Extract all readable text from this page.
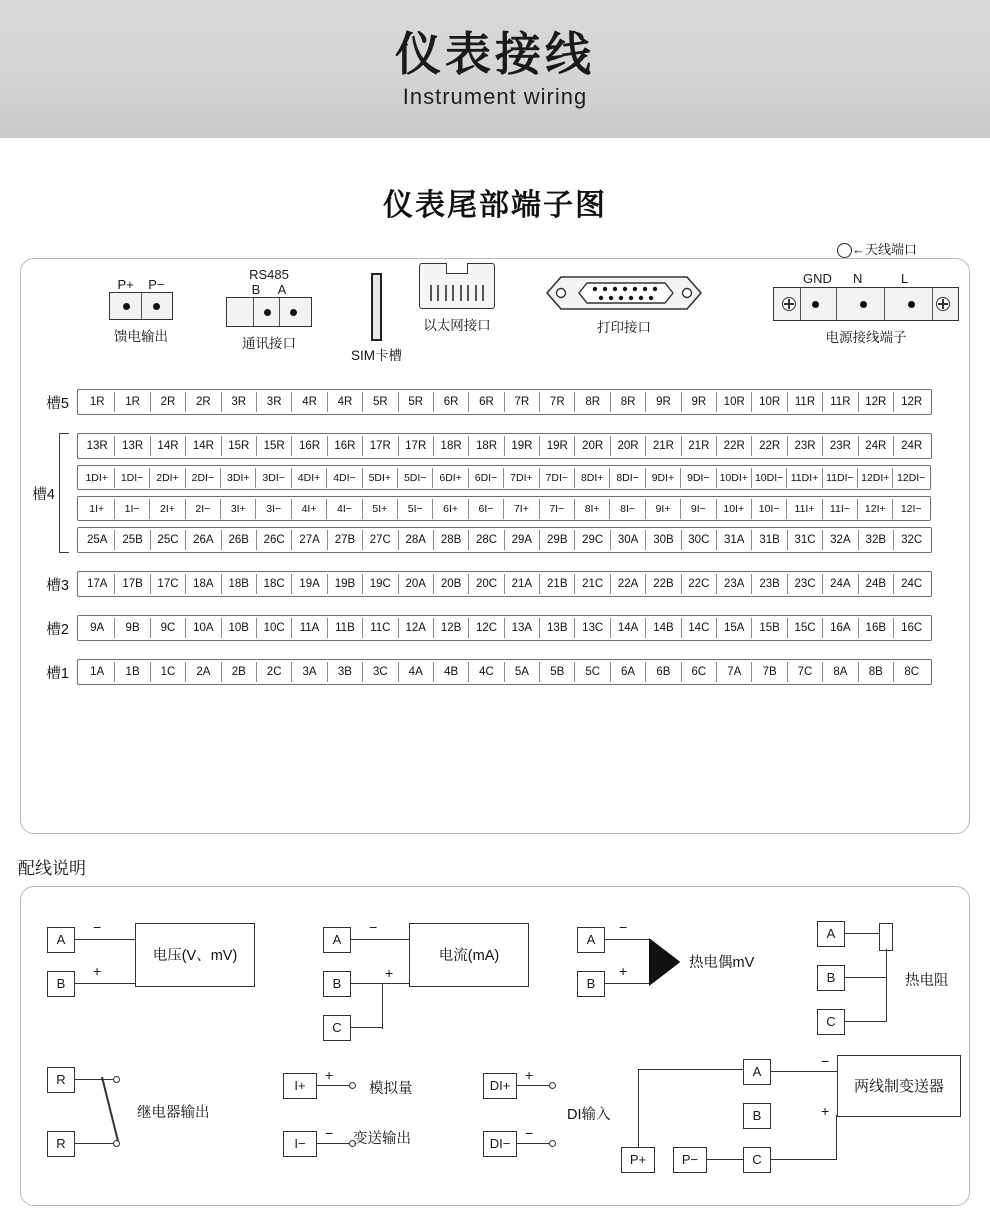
仪表接线
Instrument wiring
仪表尾部端子图
P+ P−
馈电输出
RS485
B A
通讯接口
SIM卡槽
←天线端口
以太网接口	打印接口
GND N	L
电源接线端子
槽5	1R	1R	2R	2R	3R	3R	4R	4R	5R	5R	6R	6R	7R	7R	8R	8R	9R	9R	10R	10R	11R	11R	12R	12R
槽4
13R	13R	14R	14R	15R	15R	16R	16R	17R	17R	18R	18R	19R	19R	20R	20R	21R	21R	22R	22R	23R	23R	24R	24R
1DI+	1DI−	2DI+	2DI−	3DI+	3DI−	4DI+	4DI−	5DI+	5DI−	6DI+	6DI−	7DI+	7DI−	8DI+	8DI−	9DI+	9DI− 10DI+ 10DI− 11DI+ 11DI− 12DI+ 12DI−
1I+	1I−	2I+	2I−	3I+	3I−	4I+	4I−	5I+	5I−	6I+	6I−	7I+	7I−	8I+	8I−	9I+	9I−	10I+	10I−	11I+	11I−	12I+	12I−
25A	25B	25C	26A	26B	26C	27A	27B	27C	28A	28B	28C	29A	29B	29C	30A	30B	30C	31A	31B	31C	32A	32B	32C
槽3	17A	17B	17C	18A	18B	18C	19A	19B	19C	20A	20B	20C	21A	21B	21C	22A	22B	22C	23A	23B	23C	24A	24B	24C
槽2	9A	9B	9C	10A	10B	10C	11A	11B	11C	12A	12B	12C	13A	13B	13C	14A	14B	14C	15A	15B	15C	16A	16B	16C
槽1	1A	1B	1C	2A	2B	2C	3A	3B	3C	4A	4B	4C	5A	5B	5C	6A	6B	6C	7A	7B	7C	8A	8B	8C
配线说明
A
B
−
+
电压(V、mV)
A
B
C
−
+
电流(mA)
A
B
−
+	热电偶mV
A
B
C
热电阻
R
R
继电器输出
I+
I−
+
−
模拟量
变送输出
DI+
DI−
+
−
DI输入
A
B
C
P+	P−
−
+
两线制变送器
